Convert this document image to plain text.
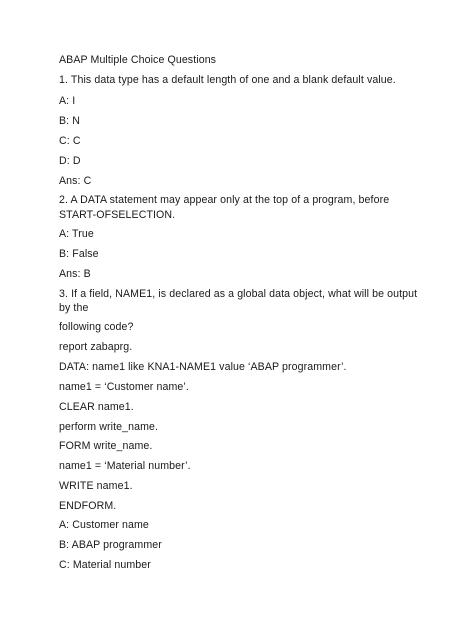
ABAP Multiple Choice Questions
1. This data type has a default length of one and a blank default value.
A: I
B: N
C: C
D: D
Ans: C
2. A DATA statement may appear only at the top of a program, before
START-OFSELECTION.
A: True
B: False
Ans: B
3. If a field, NAME1, is declared as a global data object, what will be output
by the
following code?
report zabaprg.
DATA: name1 like KNA1-NAME1 value ‘ABAP programmer’.
name1 = ‘Customer name’.
CLEAR name1.
perform write_name.
FORM write_name.
name1 = ‘Material number’.
WRITE name1.
ENDFORM.
A: Customer name
B: ABAP programmer
C: Material number
